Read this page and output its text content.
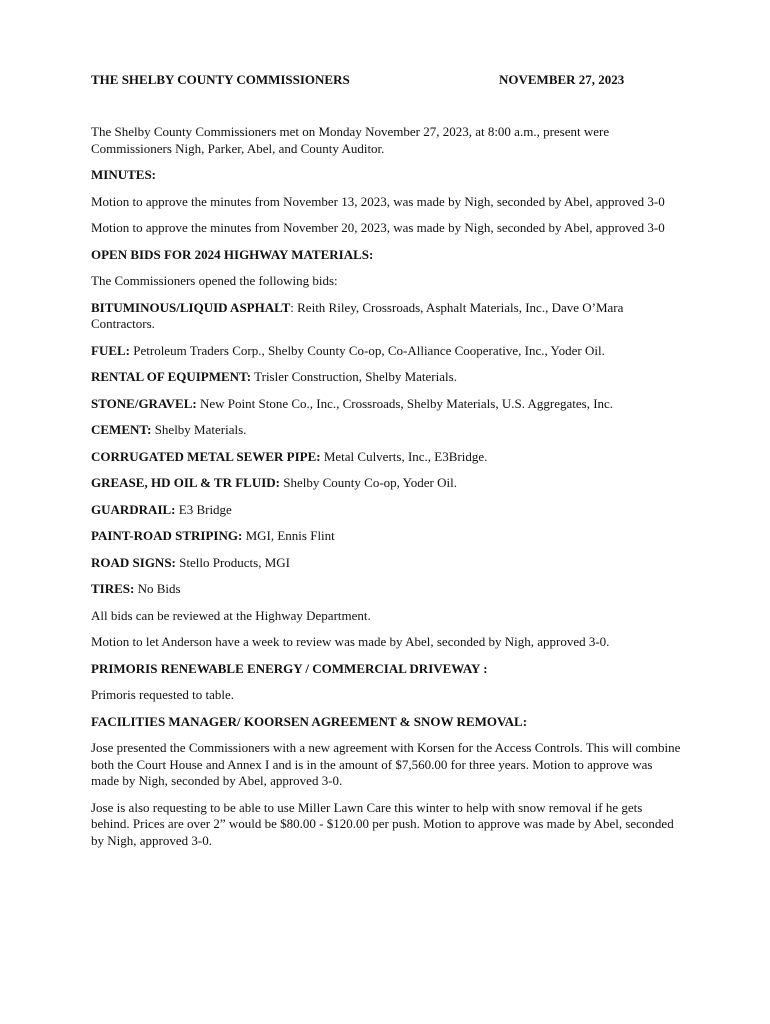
THE SHELBY COUNTY COMMISSIONERS	NOVEMBER 27, 2023

The Shelby County Commissioners met on Monday November 27, 2023, at 8:00 a.m., present were Commissioners Nigh, Parker, Abel, and County Auditor.

MINUTES:

Motion to approve the minutes from November 13, 2023, was made by Nigh, seconded by Abel, approved 3-0

Motion to approve the minutes from November 20, 2023, was made by Nigh, seconded by Abel, approved 3-0

OPEN BIDS FOR 2024 HIGHWAY MATERIALS:

The Commissioners opened the following bids:

BITUMINOUS/LIQUID ASPHALT: Reith Riley, Crossroads, Asphalt Materials, Inc., Dave O’Mara Contractors.

FUEL: Petroleum Traders Corp., Shelby County Co-op, Co-Alliance Cooperative, Inc., Yoder Oil.

RENTAL OF EQUIPMENT: Trisler Construction, Shelby Materials.

STONE/GRAVEL: New Point Stone Co., Inc., Crossroads, Shelby Materials, U.S. Aggregates, Inc.

CEMENT: Shelby Materials.

CORRUGATED METAL SEWER PIPE: Metal Culverts, Inc., E3Bridge.

GREASE, HD OIL & TR FLUID: Shelby County Co-op, Yoder Oil.

GUARDRAIL: E3 Bridge

PAINT-ROAD STRIPING: MGI, Ennis Flint

ROAD SIGNS: Stello Products, MGI

TIRES: No Bids

All bids can be reviewed at the Highway Department.

Motion to let Anderson have a week to review was made by Abel, seconded by Nigh, approved 3-0.

PRIMORIS RENEWABLE ENERGY / COMMERCIAL DRIVEWAY :

Primoris requested to table.

FACILITIES MANAGER/ KOORSEN AGREEMENT & SNOW REMOVAL:

Jose presented the Commissioners with a new agreement with Korsen for the Access Controls. This will combine both the Court House and Annex I and is in the amount of $7,560.00 for three years. Motion to approve was made by Nigh, seconded by Abel, approved 3-0.

Jose is also requesting to be able to use Miller Lawn Care this winter to help with snow removal if he gets behind. Prices are over 2” would be $80.00 - $120.00 per push. Motion to approve was made by Abel, seconded by Nigh, approved 3-0.
